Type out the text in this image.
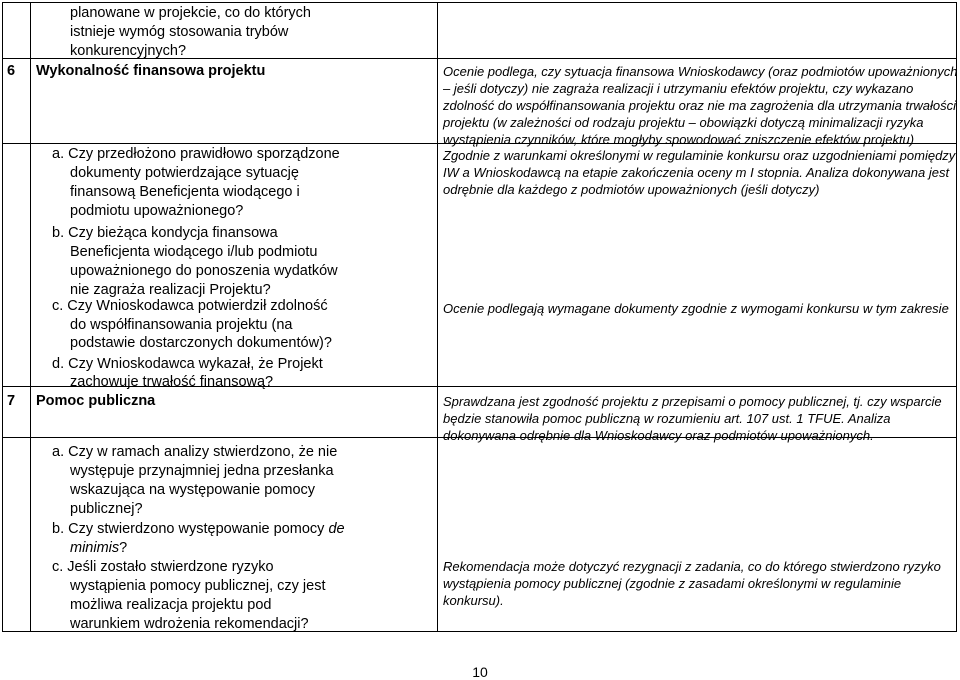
planowane w projekcie, co do których
istnieje wymóg stosowania trybów
konkurencyjnych?
6 Wykonalność finansowa projektu	Ocenie podlega, czy sytuacja finansowa Wnioskodawcy (oraz podmiotów upoważnionych
– jeśli dotyczy) nie zagraża realizacji i utrzymaniu efektów projektu, czy wykazano
zdolność do współfinansowania projektu oraz nie ma zagrożenia dla utrzymania trwałości
projektu (w zależności od rodzaju projektu – obowiązki dotyczą minimalizacji ryzyka
wystąpienia czynników, które mogłyby spowodować zniszczenie efektów projektu)
a. Czy przedłożono prawidłowo sporządzone
dokumenty potwierdzające sytuację
finansową Beneficjenta wiodącego i
podmiotu upoważnionego?
b. Czy bieżąca kondycja finansowa
Beneficjenta wiodącego i/lub podmiotu
upoważnionego do ponoszenia wydatków
nie zagraża realizacji Projektu?
c. Czy Wnioskodawca potwierdził zdolność
do współfinansowania projektu (na
podstawie dostarczonych dokumentów)?
d. Czy Wnioskodawca wykazał, że Projekt
zachowuje trwałość finansową?
Zgodnie z warunkami określonymi w regulaminie konkursu oraz uzgodnieniami pomiędzy
IW a Wnioskodawcą na etapie zakończenia oceny m I stopnia. Analiza dokonywana jest
odrębnie dla każdego z podmiotów upoważnionych (jeśli dotyczy)
Ocenie podlegają wymagane dokumenty zgodnie z wymogami konkursu w tym zakresie
7 Pomoc publiczna	Sprawdzana jest zgodność projektu z przepisami o pomocy publicznej, tj. czy wsparcie
będzie stanowiła pomoc publiczną w rozumieniu art. 107 ust. 1 TFUE. Analiza
dokonywana odrębnie dla Wnioskodawcy oraz podmiotów upoważnionych.
a. Czy w ramach analizy stwierdzono, że nie
występuje przynajmniej jedna przesłanka
wskazująca na występowanie pomocy
publicznej?
b. Czy stwierdzono występowanie pomocy de
minimis?
c. Jeśli zostało stwierdzone ryzyko
wystąpienia pomocy publicznej, czy jest
możliwa realizacja projektu pod
warunkiem wdrożenia rekomendacji?
Rekomendacja może dotyczyć rezygnacji z zadania, co do którego stwierdzono ryzyko
wystąpienia pomocy publicznej (zgodnie z zasadami określonymi w regulaminie
konkursu).
10
